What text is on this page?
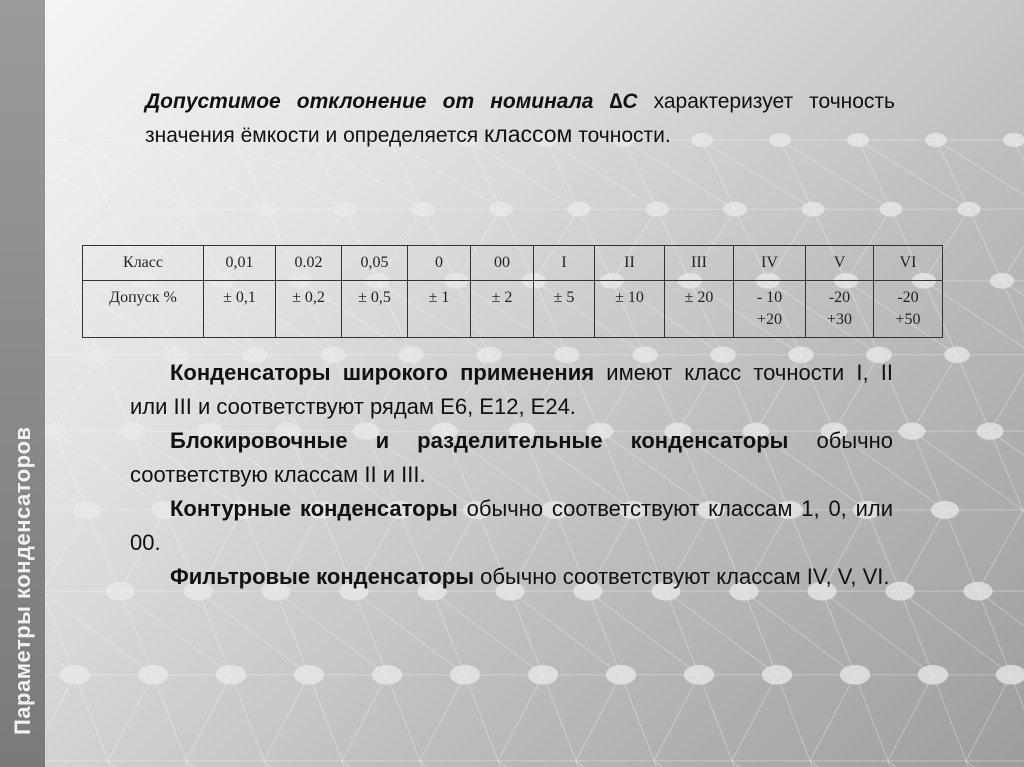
Параметры конденсаторов
Допустимое отклонение от номинала ∆С характеризует точность значения ёмкости и определяется классом точности.
Класс	0,01	0.02	0,05	0	00	I	II	III	IV	V	VI
Допуск %	± 0,1	± 0,2	± 0,5	± 1	± 2	± 5	± 10	± 20	- 10 +20	-20 +30	-20 +50

Конденсаторы широкого применения имеют класс точности I, II или III и соответствуют рядам Е6, Е12, Е24.

Блокировочные и разделительные конденсаторы обычно соответствую классам II и III.

Контурные конденсаторы обычно соответствуют классам 1, 0, или 00.

Фильтровые конденсаторы обычно соответствуют классам IV, V, VI.
